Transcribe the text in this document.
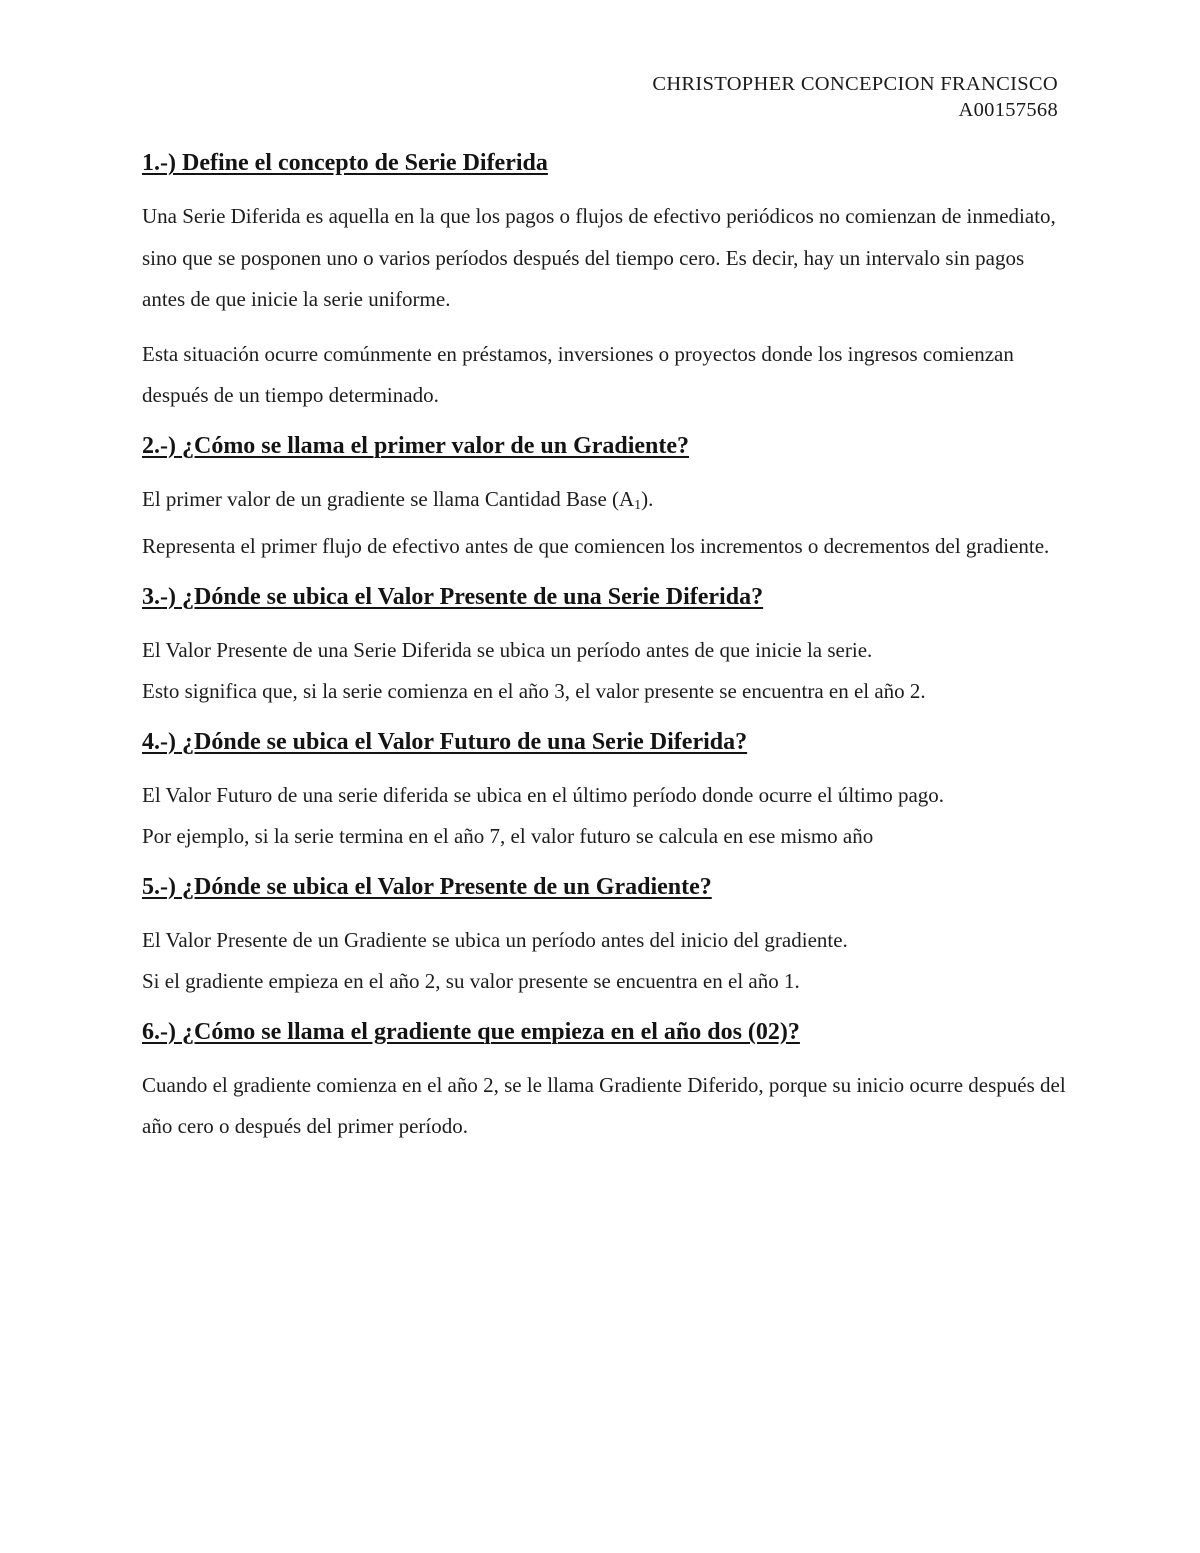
CHRISTOPHER CONCEPCION FRANCISCO
A00157568
1.-) Define el concepto de Serie Diferida

Una Serie Diferida es aquella en la que los pagos o flujos de efectivo periódicos no comienzan de inmediato, sino que se posponen uno o varios períodos después del tiempo cero. Es decir, hay un intervalo sin pagos antes de que inicie la serie uniforme.

Esta situación ocurre comúnmente en préstamos, inversiones o proyectos donde los ingresos comienzan después de un tiempo determinado.

2.-) ¿Cómo se llama el primer valor de un Gradiente?

El primer valor de un gradiente se llama Cantidad Base (A1).
Representa el primer flujo de efectivo antes de que comiencen los incrementos o decrementos del gradiente.

3.-) ¿Dónde se ubica el Valor Presente de una Serie Diferida?

El Valor Presente de una Serie Diferida se ubica un período antes de que inicie la serie.
Esto significa que, si la serie comienza en el año 3, el valor presente se encuentra en el año 2.

4.-) ¿Dónde se ubica el Valor Futuro de una Serie Diferida?

El Valor Futuro de una serie diferida se ubica en el último período donde ocurre el último pago.
Por ejemplo, si la serie termina en el año 7, el valor futuro se calcula en ese mismo año

5.-) ¿Dónde se ubica el Valor Presente de un Gradiente?

El Valor Presente de un Gradiente se ubica un período antes del inicio del gradiente.
Si el gradiente empieza en el año 2, su valor presente se encuentra en el año 1.

6.-) ¿Cómo se llama el gradiente que empieza en el año dos (02)?

Cuando el gradiente comienza en el año 2, se le llama Gradiente Diferido, porque su inicio ocurre después del año cero o después del primer período.
